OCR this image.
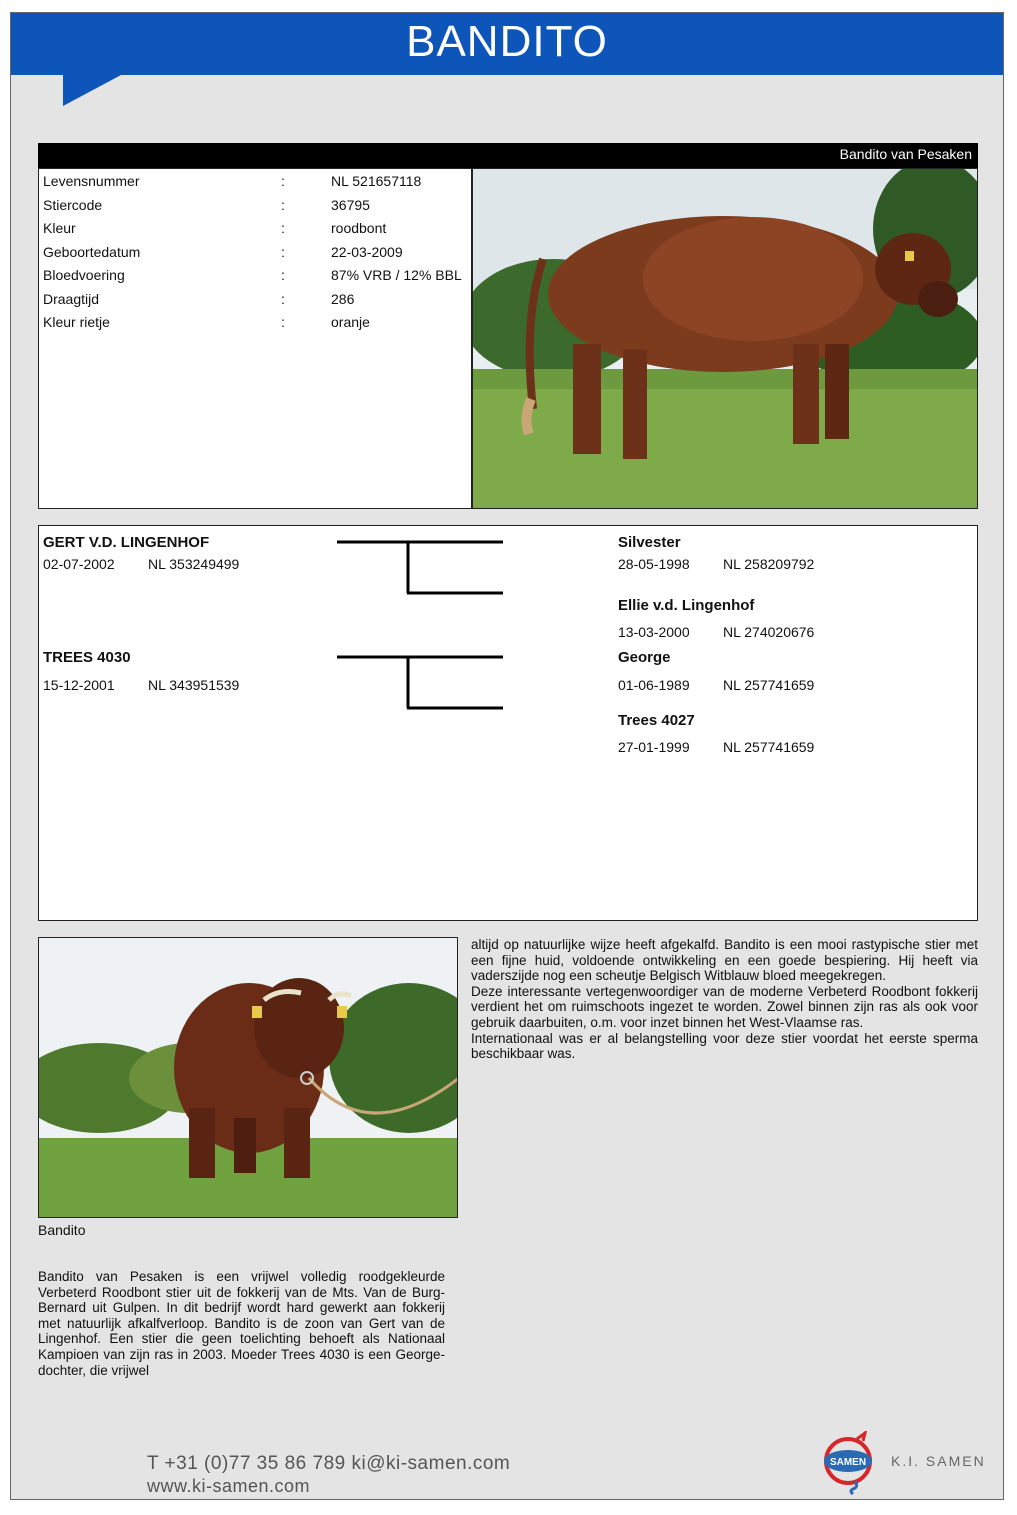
BANDITO
Bandito van Pesaken
Levensnummer	:	NL 521657118
Stiercode	:	36795
Kleur	:	roodbont
Geboortedatum	:	22-03-2009
Bloedvoering	:	87% VRB / 12% BBL
Draagtijd	:	286
Kleur rietje	:	oranje
GERT V.D. LINGENHOF
02-07-2002 NL 353249499
TREES 4030
15-12-2001 NL 343951539
Silvester
28-05-1998 NL 258209792
Ellie v.d. Lingenhof
13-03-2000 NL 274020676
George
01-06-1989 NL 257741659
Trees 4027
27-01-1999 NL 257741659
Bandito
Bandito van Pesaken is een vrijwel volledig roodgekleurde Verbeterd Roodbont stier uit de fokkerij van de Mts. Van de Burg-Bernard uit Gulpen. In dit bedrijf wordt hard gewerkt aan fokkerij met natuurlijk afkalfverloop. Bandito is de zoon van Gert van de Lingenhof. Een stier die geen toelichting behoeft als Nationaal Kampioen van zijn ras in 2003. Moeder Trees 4030 is een George-dochter, die vrijwel
altijd op natuurlijke wijze heeft afgekalfd. Bandito is een mooi rastypische stier met een fijne huid, voldoende ontwikkeling en een goede bespiering. Hij heeft via vaderszijde nog een scheutje Belgisch Witblauw bloed meegekregen.
Deze interessante vertegenwoordiger van de moderne Verbeterd Roodbont fokkerij verdient het om ruimschoots ingezet te worden. Zowel binnen zijn ras als ook voor gebruik daarbuiten, o.m. voor inzet binnen het West-Vlaamse ras.
Internationaal was er al belangstelling voor deze stier voordat het eerste sperma beschikbaar was.
T +31 (0)77 35 86 789 ki@ki-samen.com
www.ki-samen.com
SAMEN K.I. SAMEN
